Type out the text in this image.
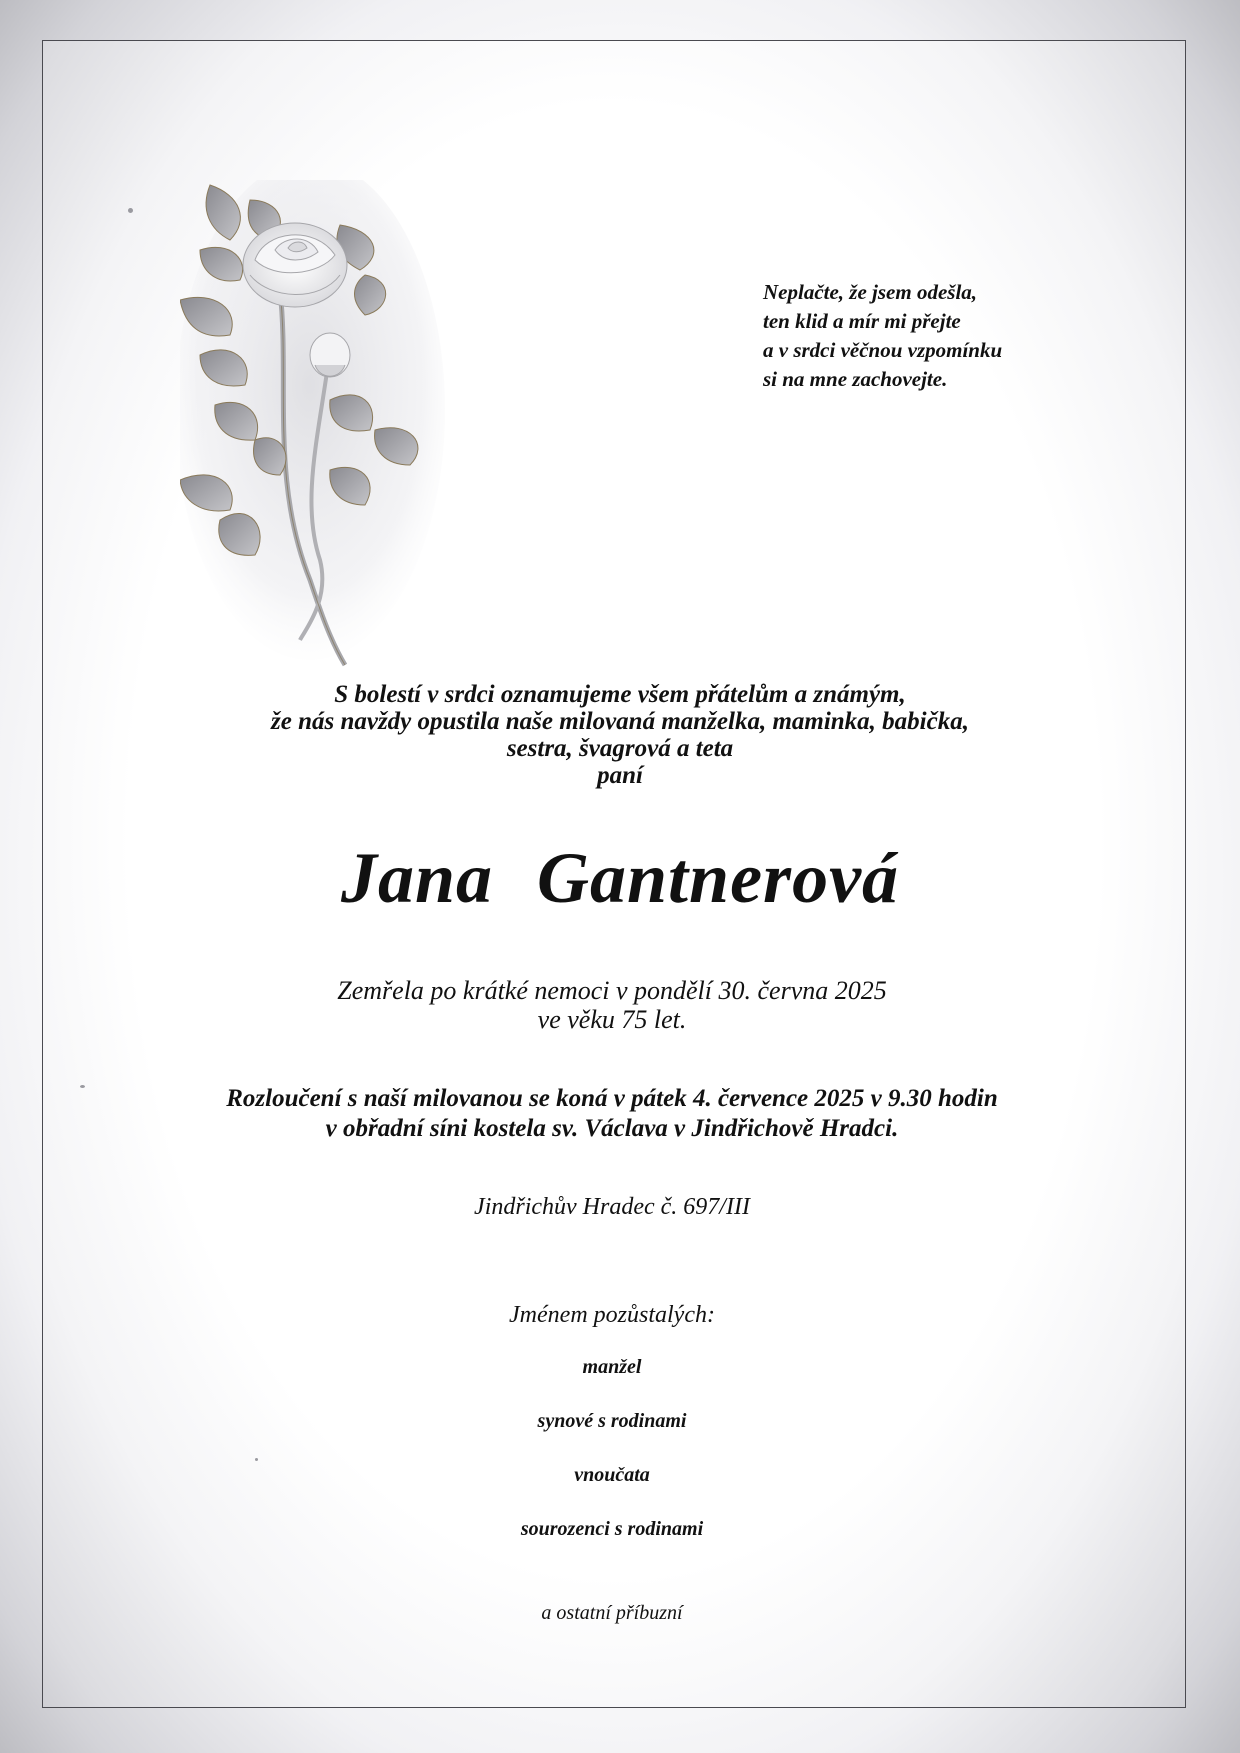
Neplačte, že jsem odešla,
ten klid a mír mi přejte
a v srdci věčnou vzpomínku
si na mne zachovejte.
S bolestí v srdci oznamujeme všem přátelům a známým,
že nás navždy opustila naše milovaná manželka, maminka, babička,
sestra, švagrová a teta
paní
Jana Gantnerová
Zemřela po krátké nemoci v pondělí 30. června 2025
ve věku 75 let.
Rozloučení s naší milovanou se koná v pátek 4. července 2025 v 9.30 hodin
v obřadní síni kostela sv. Václava v Jindřichově Hradci.
Jindřichův Hradec č. 697/III
Jménem pozůstalých:
manžel
synové s rodinami
vnoučata
sourozenci s rodinami
a ostatní příbuzní
